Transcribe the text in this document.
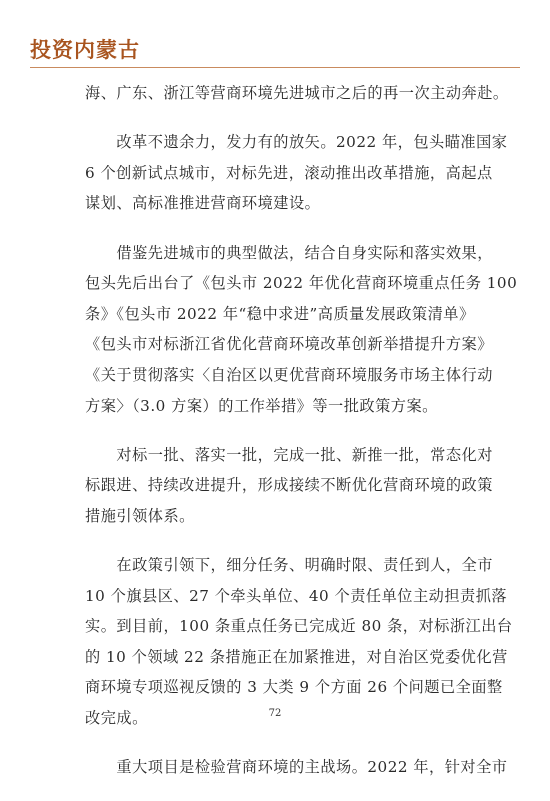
投资内蒙古

海、广东、浙江等营商环境先进城市之后的再一次主动奔赴。

　　改革不遗余力，发力有的放矢。2022 年，包头瞄准国家
6 个创新试点城市，对标先进，滚动推出改革措施，高起点
谋划、高标准推进营商环境建设。

　　借鉴先进城市的典型做法，结合自身实际和落实效果，
包头先后出台了《包头市 2022 年优化营商环境重点任务 100
条》《包头市 2022 年“稳中求进”高质量发展政策清单》
《包头市对标浙江省优化营商环境改革创新举措提升方案》
《关于贯彻落实〈自治区以更优营商环境服务市场主体行动
方案〉（3.0 方案）的工作举措》等一批政策方案。

　　对标一批、落实一批，完成一批、新推一批，常态化对
标跟进、持续改进提升，形成接续不断优化营商环境的政策
措施引领体系。

　　在政策引领下，细分任务、明确时限、责任到人，全市
10 个旗县区、27 个牵头单位、40 个责任单位主动担责抓落
实。到目前，100 条重点任务已完成近 80 条，对标浙江出台
的 10 个领域 22 条措施正在加紧推进，对自治区党委优化营
商环境专项巡视反馈的 3 大类 9 个方面 26 个问题已全面整
改完成。

　　重大项目是检验营商环境的主战场。2022 年，针对全市

72
